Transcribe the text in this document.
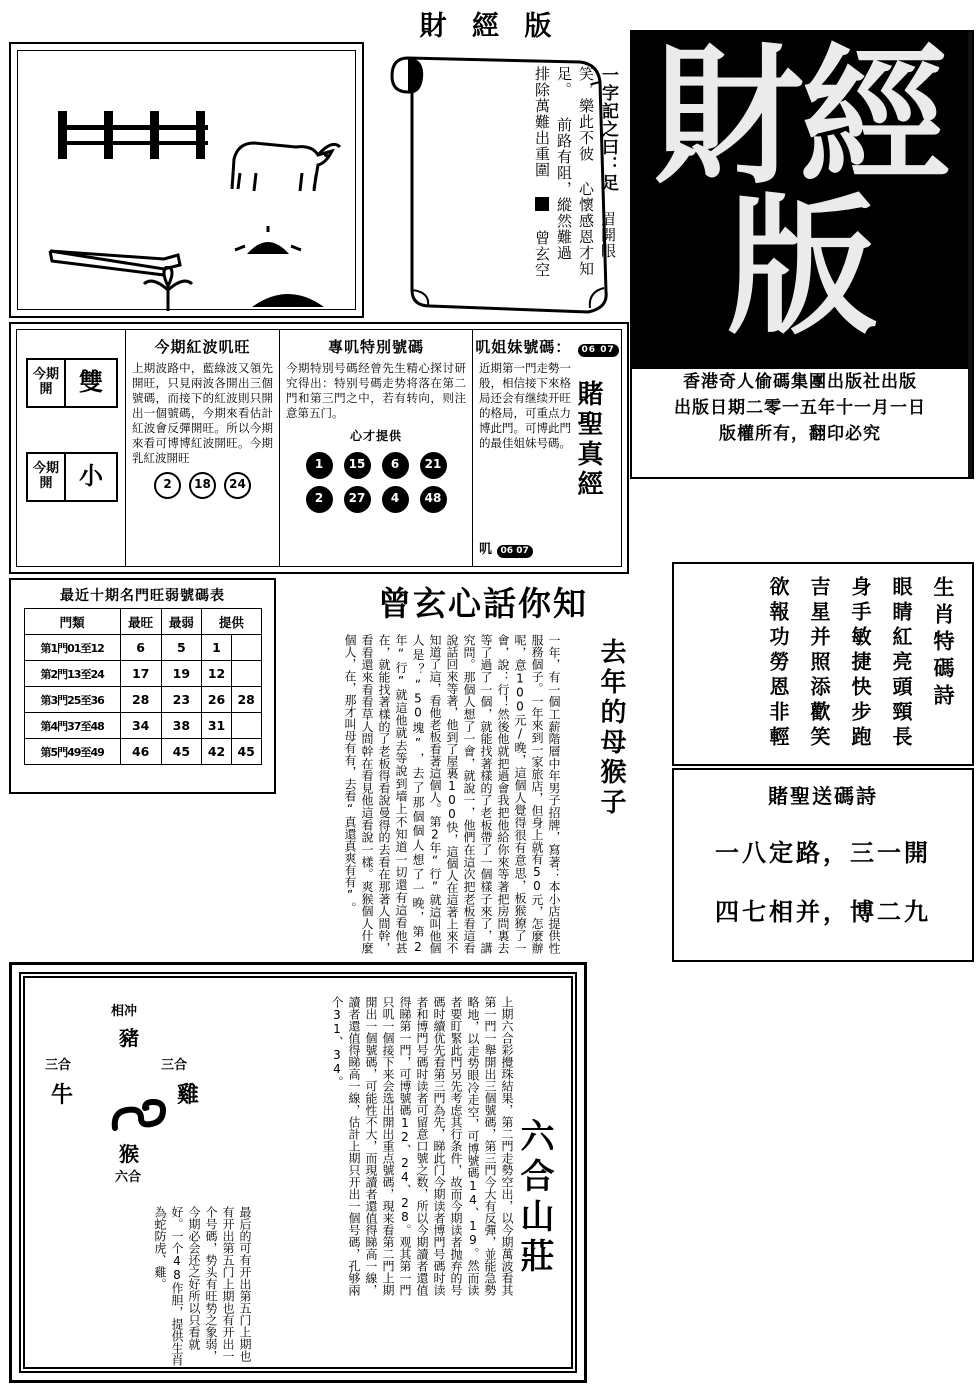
財 經 版
一字記之曰：足 眉開眼笑，樂此不彼 心懷感恩才知足。 前路有阻，縱然難過 排除萬難出重圍  曾玄空
財經版
香港奇人偷碼集團出版社出版
出版日期二零一五年十一月一日
版權所有，翻印必究
今期開	雙
今期開	小
今期紅波叽旺
上期波路中，藍綠波又領先開旺，只見兩波各開出三個號碼，而接下的紅波則只開出一個號碼，今期來看估計紅波會反彈開旺。所以今期來看可博博紅波開旺。今期乳紅波開旺
2	18	24
專叽特別號碼
今期特別号碼经曾先生精心探讨研究得出：特别号碼走势将落在第二門和第三門之中，若有转向，则注意第五门。
心才提供
1	15	6	21
2	27	4	48
叽姐妹號碼： 06 07
近期第一門走勢一般，相信接下來格局还会有继续开旺的格局，可重点力博此門。可博此門的最佳姐妹号碼。
叽 06 07
賭聖真經
最近十期名門旺弱號碼表
門類	最旺	最弱	提供	
第1門01至12	6	5	1	
第2門13至24	17	19	12	
第3門25至36	28	23	26	28
第4門37至48	34	38	31	
第5門49至49	46	45	42	45
曾玄心話你知
去年的母猴子
一年，有一個工薪階層中年男子招牌，寫著：本小店提供性服務個子。一年來到一家旅店，但身上就有50元，怎麼辦呢，意100元/晚，這個人覺得很有意思，板猴獠了一會，說：行！然後他就把過會我把他給你來等著把房問裏去等了過了一個，就能找著樣的了老板帶了一個樣子來了，講究問。那個人想了一會，就說一，他們在這次把老板看這看說話回來等著，他到了屋裏100快，這個人在這著上來不知道了這，看他老板看著這個人。第2年“行”就這叫他個人是？“50塊”，去了那個個人想了一晚，第2年“行”就這他就去等說到墙上不知道一切還有這看他甚在，就能找著樣的了老板得看說曼得的去看在那著人間幹，看看還來看看草人間幹在看見他這看說一樣。爽猴個人什麼個人，在，那才叫母有有，去看“真還真爽有有”。	欲報功勞恩非輕 吉星并照添歡笑 身手敏捷快步跑 眼睛紅亮頭頸長 生肖特碼詩
賭聖送碼詩
一八定路，三一開
四七相并，博二九
相冲
豬
三合	三合
牛	雞
猴
六合	六合山莊
上期六合彩攪珠結果，第二門走勢空出，以今期萬波看其第一門一舉開出三個號碼，第三門今大有反彈，並能急勢略地，以走势眼冷走空，可博號碼14、19。然而读者要盯緊此門另先考虑其行条件，故而今期读者抛弃的号碼时續优先看第三門為先，睇此门今期读者博門号碼时读者和博門号碼时读者可留意口號之数，所以今期讀者還值得睇第一門，可博號碼12、24、28。观其第一門只叽一個接下来会选出開出重点號碼，現来看第二門上期開出一個號碼，可能性不大，而現讀者還值得睇高一線，讀者還值得睇高一線，估計上期只开出一個号碼，孔够兩个31、34。
最后的可有开出第五门上期也有开出第五门上期也有开出一个号碼，势头有旺势之象弱，今期必会还之好所以只看就好。一个48作胆，提供生肖為蛇防虎、雞。
